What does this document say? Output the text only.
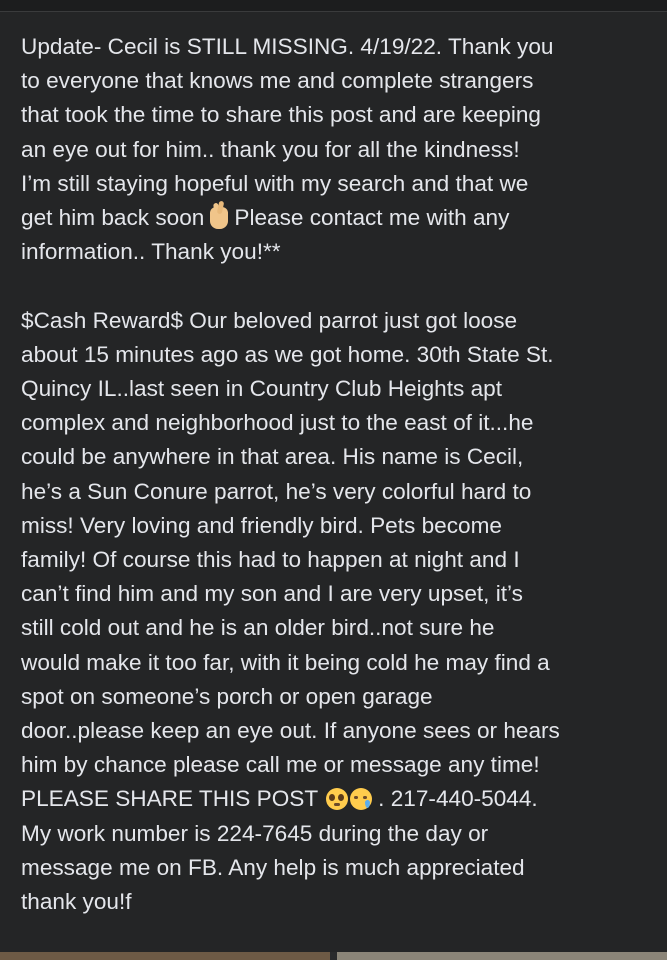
Update- Cecil is STILL MISSING. 4/19/22. Thank you
to everyone that knows me and complete strangers
that took the time to share this post and are keeping
an eye out for him.. thank you for all the kindness!
I’m still staying hopeful with my search and that we
get him back soon Please contact me with any
information.. Thank you!**
$Cash Reward$ Our beloved parrot just got loose
about 15 minutes ago as we got home. 30th State St.
Quincy IL..last seen in Country Club Heights apt
complex and neighborhood just to the east of it...he
could be anywhere in that area. His name is Cecil,
he’s a Sun Conure parrot, he’s very colorful hard to
miss! Very loving and friendly bird. Pets become
family! Of course this had to happen at night and I
can’t find him and my son and I are very upset, it’s
still cold out and he is an older bird..not sure he
would make it too far, with it being cold he may find a
spot on someone’s porch or open garage
door..please keep an eye out. If anyone sees or hears
him by chance please call me or message any time!
PLEASE SHARE THIS POST	. 217-440-5044.
My work number is 224-7645 during the day or
message me on FB. Any help is much appreciated
thank you!f
